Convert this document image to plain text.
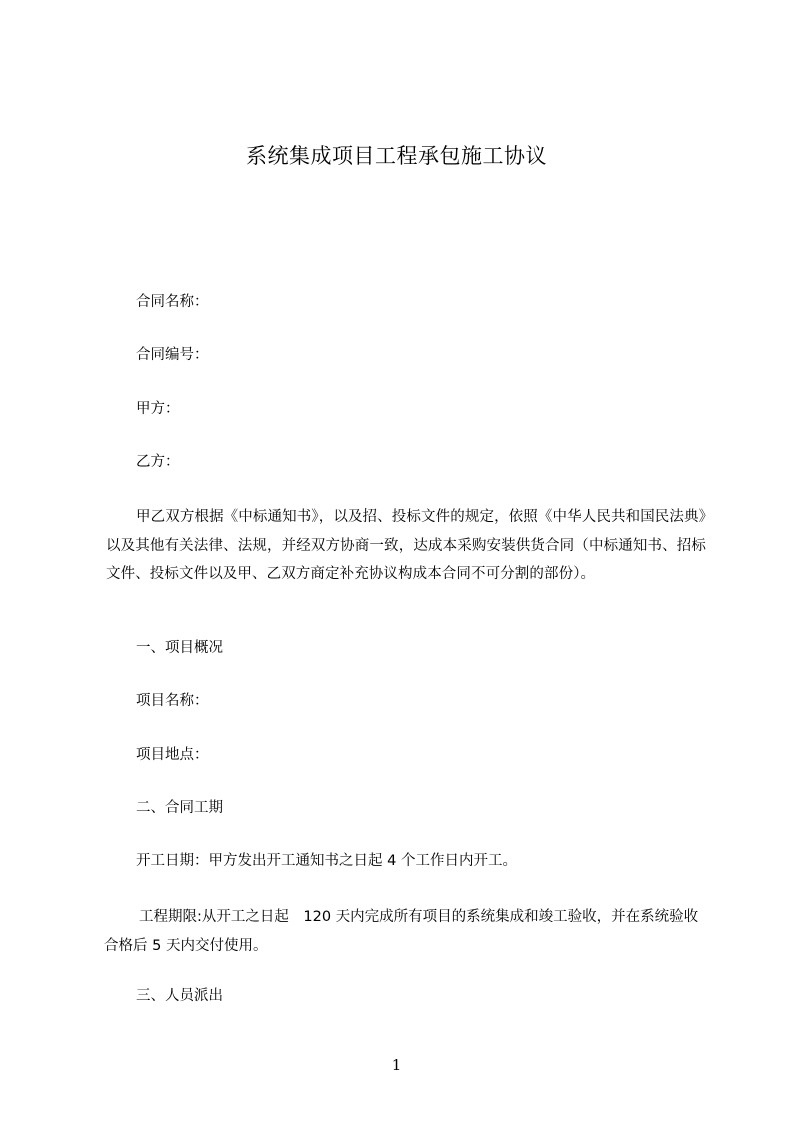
系统集成项目工程承包施工协议
合同名称：
合同编号：
甲方：
乙方：
甲乙双方根据《中标通知书》，以及招、投标文件的规定，依照《中华人民共和国民法典》以及其他有关法律、法规，并经双方协商一致，达成本采购安装供货合同（中标通知书、招标文件、投标文件以及甲、乙双方商定补充协议构成本合同不可分割的部份）。
一、项目概况
项目名称：
项目地点：
二、合同工期
开工日期：甲方发出开工通知书之日起 4 个工作日内开工。
工程期限:从开工之日起　120 天内完成所有项目的系统集成和竣工验收，并在系统验收合格后 5 天内交付使用。
三、人员派出
1
